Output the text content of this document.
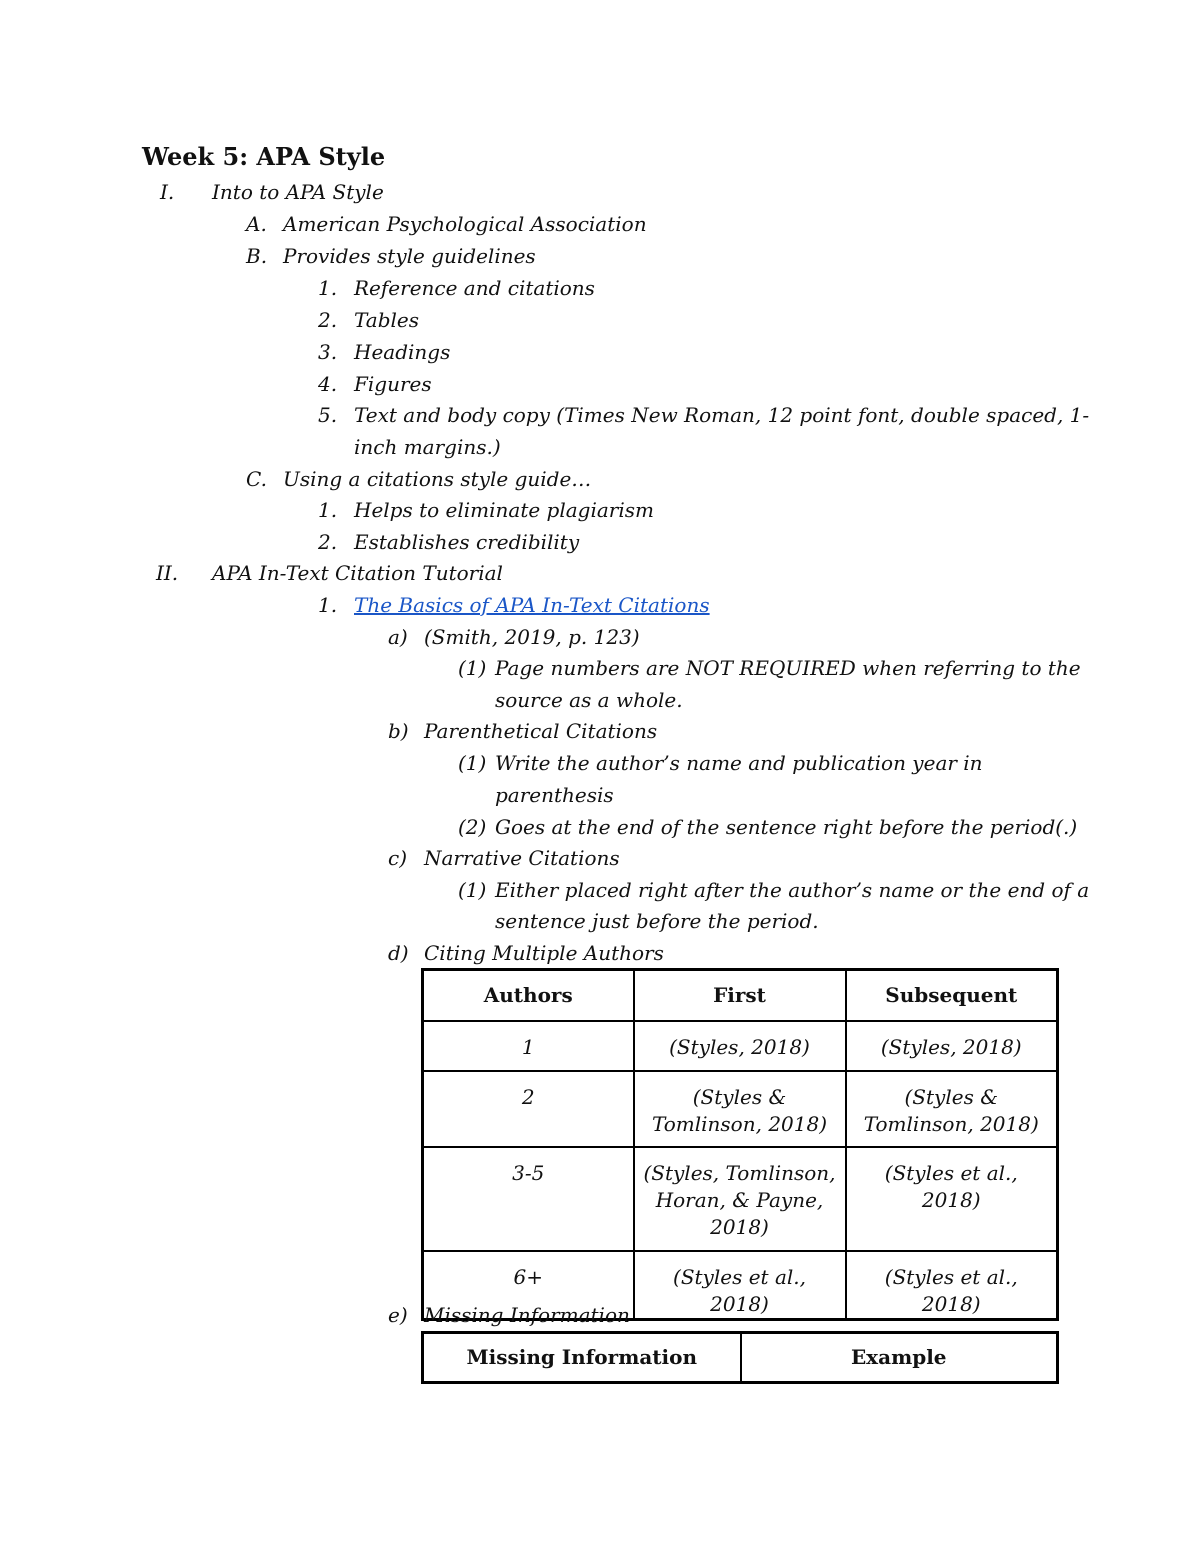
Week 5: APA Style
I. Into to APA Style
A. American Psychological Association
B. Provides style guidelines
1. Reference and citations
2. Tables
3. Headings
4. Figures
5. Text and body copy (Times New Roman, 12 point font, double spaced, 1-
inch margins.)
C. Using a citations style guide…
1. Helps to eliminate plagiarism
2. Establishes credibility
II. APA In-Text Citation Tutorial
1. The Basics of APA In-Text Citations
a) (Smith, 2019, p. 123)
(1) Page numbers are NOT REQUIRED when referring to the
source as a whole.
b) Parenthetical Citations
(1) Write the author’s name and publication year in
parenthesis
(2) Goes at the end of the sentence right before the period(.)
c) Narrative Citations
(1) Either placed right after the author’s name or the end of a
sentence just before the period.
d) Citing Multiple Authors
Authors	First	Subsequent
1	(Styles, 2018)	(Styles, 2018)
2	(Styles & Tomlinson, 2018)	(Styles & Tomlinson, 2018)
3-5	(Styles, Tomlinson, Horan, & Payne, 2018)	(Styles et al., 2018)
6+	(Styles et al., 2018)	(Styles et al., 2018)
e) Missing Information
Missing Information	Example
